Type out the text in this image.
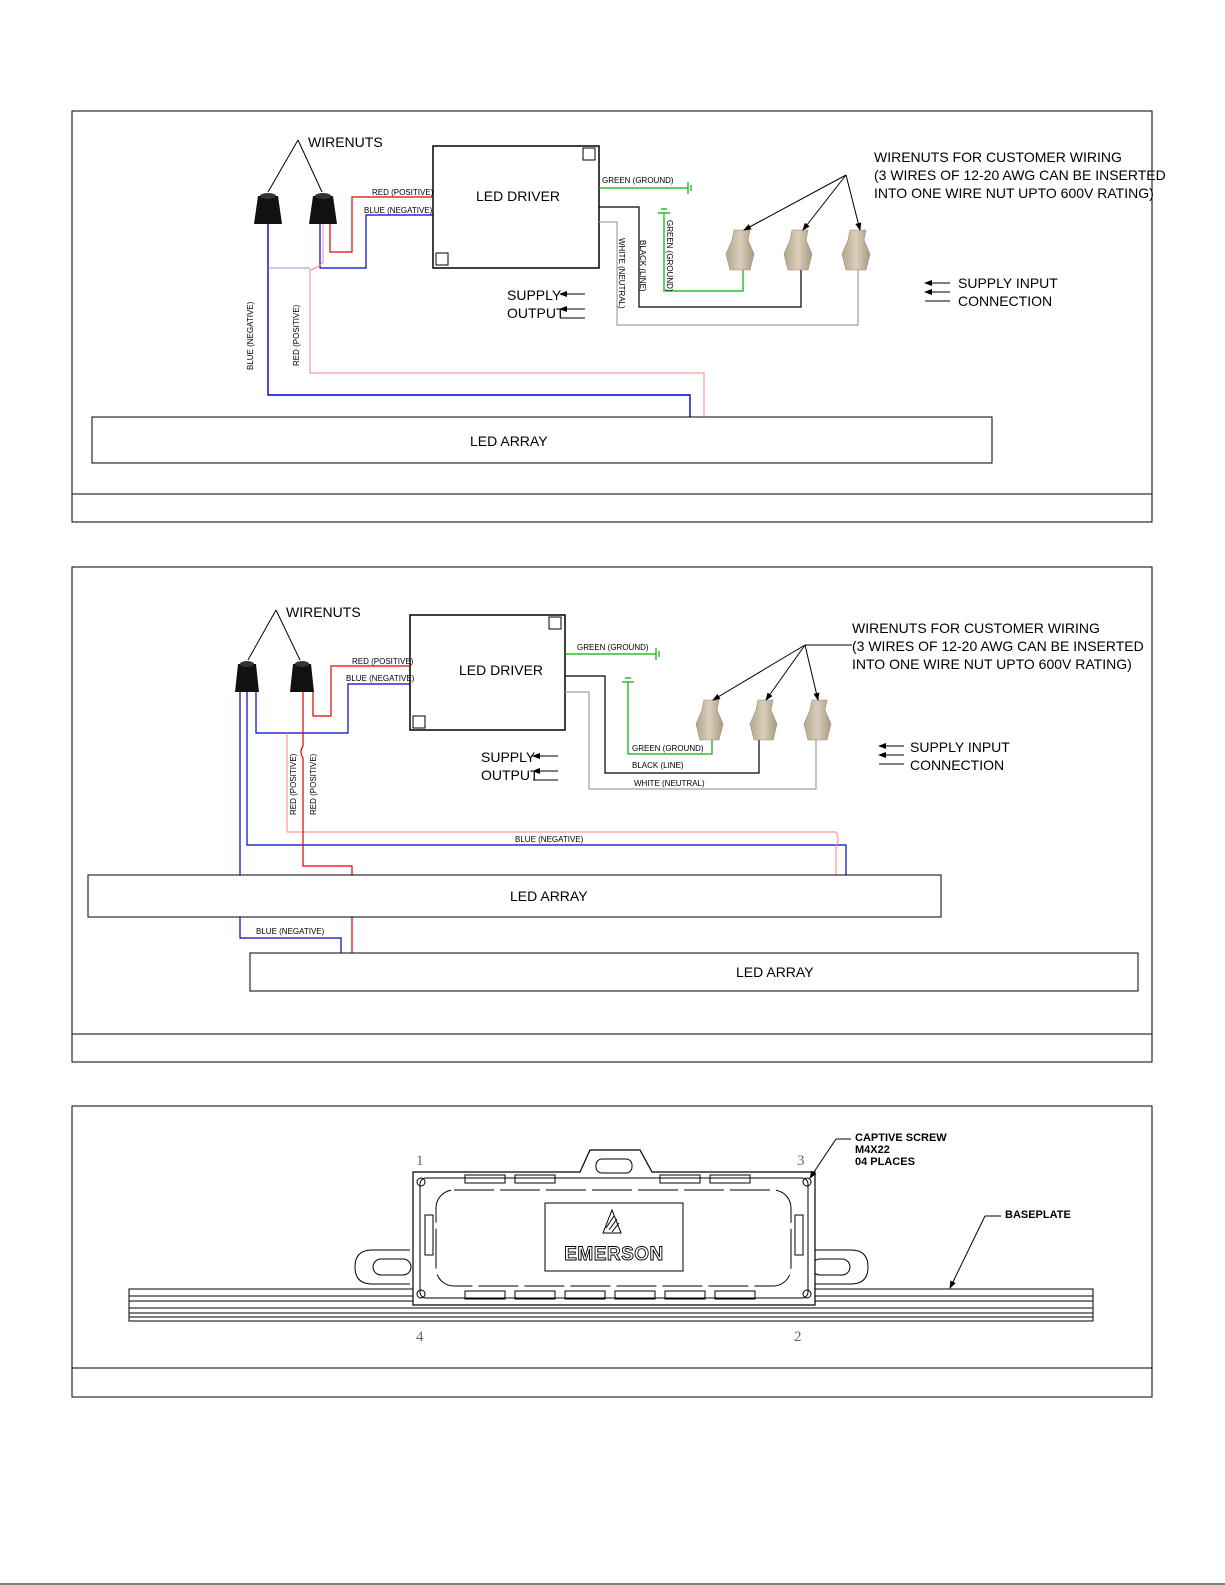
WIRENUTS
LED DRIVER
RED (POSITIVE)
BLUE (NEGATIVE)
BLUE (NEGATIVE)	RED (POSITIVE)
GREEN (GROUND)
WHITE (NEUTRAL) BLACK (LINE) GREEN (GROUND)
WIRENUTS FOR CUSTOMER WIRING
(3 WIRES OF 12-20 AWG CAN BE INSERTED
INTO ONE WIRE NUT UPTO 600V RATING)
SUPPLY
OUTPUT
SUPPLY INPUT
CONNECTION
LED ARRAY
WIRENUTS
LED DRIVER
RED (POSITIVE)
BLUE (NEGATIVE)
RED (POSITIVE) RED (POSITIVE)
BLUE (NEGATIVE)
BLUE (NEGATIVE)
GREEN (GROUND)
GREEN (GROUND)
BLACK (LINE)
WHITE (NEUTRAL)
WIRENUTS FOR CUSTOMER WIRING
(3 WIRES OF 12-20 AWG CAN BE INSERTED
INTO ONE WIRE NUT UPTO 600V RATING)
SUPPLY
OUTPUT
SUPPLY INPUT
CONNECTION
LED ARRAY
LED ARRAY
EMERSON
1	3
4	2
CAPTIVE SCREW
M4X22
04 PLACES
BASEPLATE
